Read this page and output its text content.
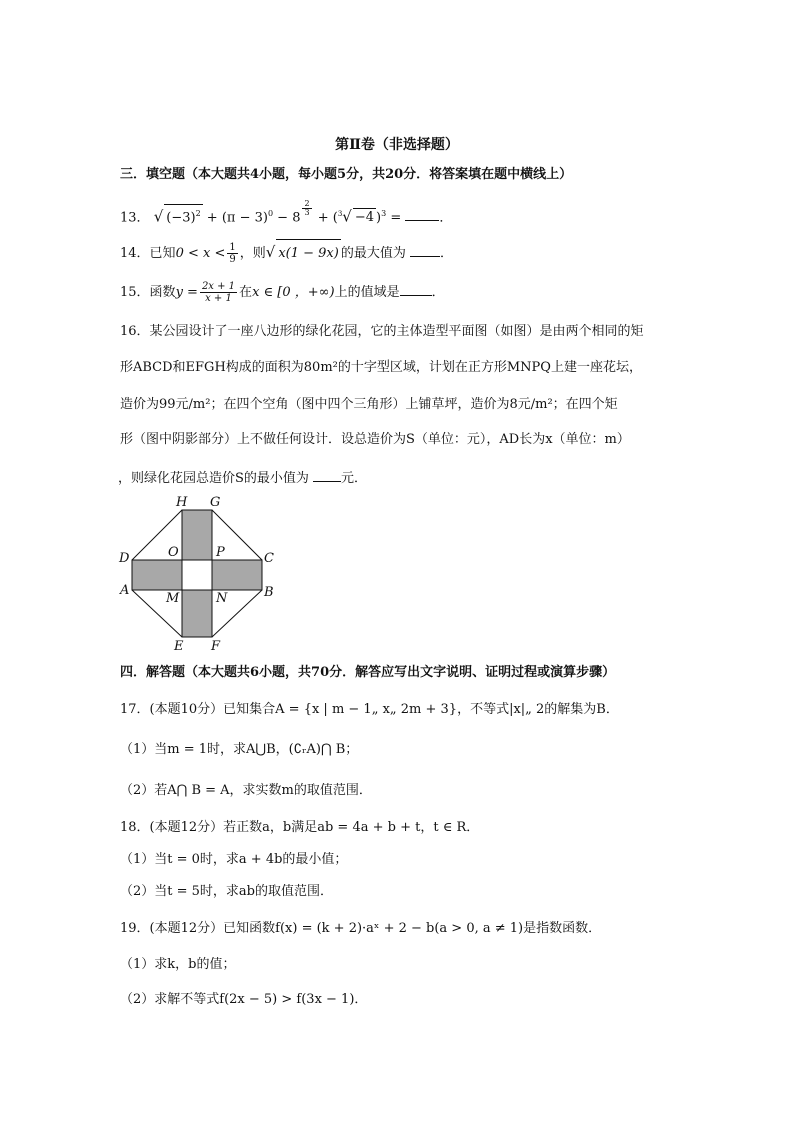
第Ⅱ卷（非选择题）
三．填空题（本大题共4小题，每小题5分，共20分．将答案填在题中横线上）
13． √ $(-3)^2 + (\pi - 3)^0 - 8$
$^{\frac{2}{3}}$
+ ($^3$√ −4 )$^3$ =	．
14．已知$0 < x < \frac{1}{9}$ ，则√ x(1 − 9x) 的最大值为	．
15．函数$y = \frac{2x + 1}{x + 1}$ 在x ∈ [0 ，+∞)上的值域是 ．
16．某公园设计了一座八边形的绿化花园，它的主体造型平面图（如图）是由两个相同的矩
形ABCD和EFGH构成的面积为80m²的十字型区域，计划在正方形MNPQ上建一座花坛，
造价为99元/m²；在四个空角（图中四个三角形）上铺草坪，造价为8元/m²；在四个矩
形（图中阴影部分）上不做任何设计．设总造价为S（单位：元），AD长为x（单位：m）
，则绿化花园总造价S的最小值为 元．
H G
D	C
A	B
E F
O	P
M	N
四．解答题（本大题共6小题，共70分．解答应写出文字说明、证明过程或演算步骤）
17．(本题10分）已知集合A = {x | m − 1„ x„ 2m + 3}，不等式|x|„ 2的解集为B．
（1）当m = 1时，求A⋃B，(∁ᵣA)⋂ B；
（2）若A⋂ B = A，求实数m的取值范围．
18．(本题12分）若正数a，b满足ab = 4a + b + t，t ∈ R．
（1）当t = 0时，求a + 4b的最小值；
（2）当t = 5时，求ab的取值范围．
19．(本题12分）已知函数f(x) = (k + 2)·aˣ + 2 − b(a > 0, a ≠ 1)是指数函数．
（1）求k，b的值；
（2）求解不等式f(2x − 5) > f(3x − 1)．
